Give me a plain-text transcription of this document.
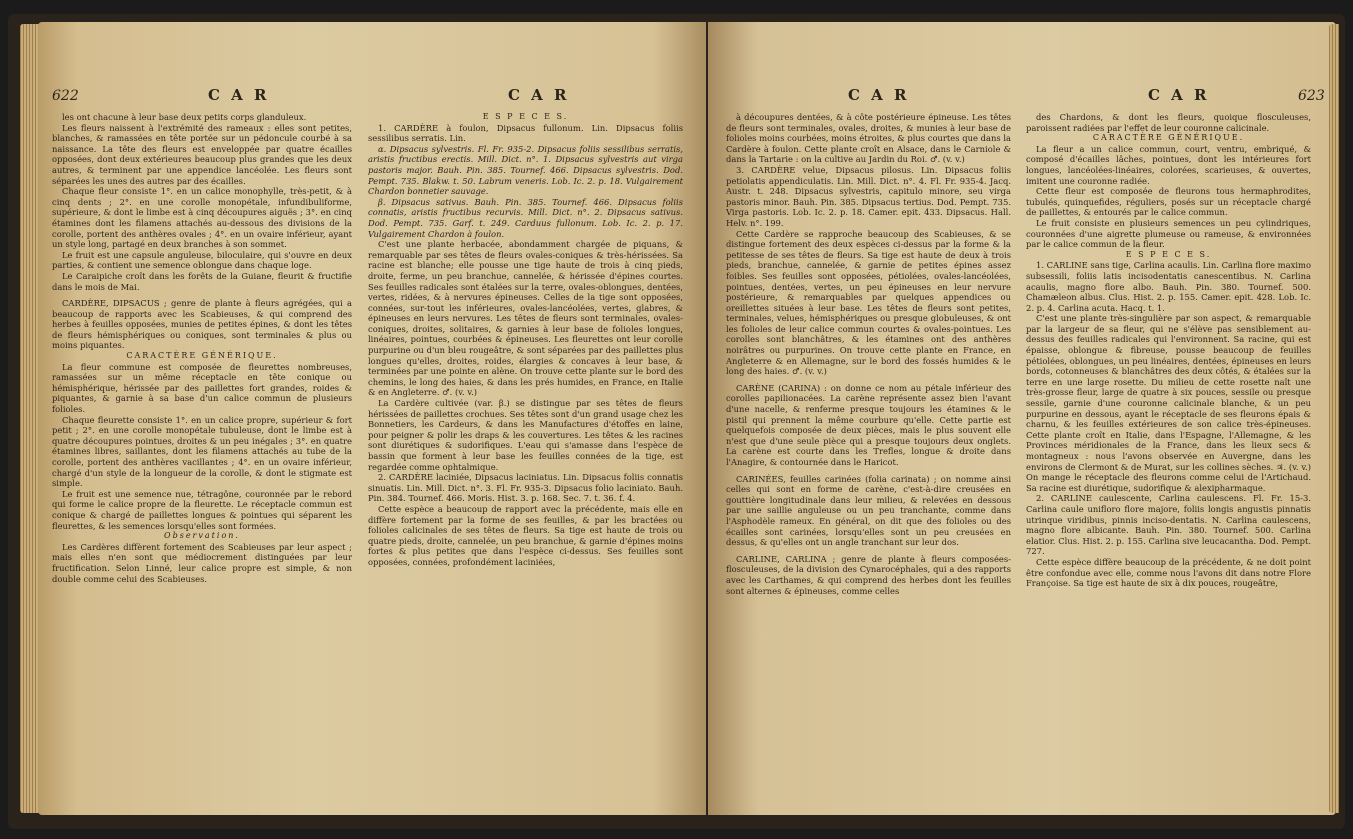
622	C A R	C A R

les ont chacune à leur base deux petits corps glanduleux.

Les fleurs naissent à l'extrémité des rameaux : elles sont petites, blanches, & ramassées en tête portée sur un pédoncule courbé à sa naissance. La tête des fleurs est enveloppée par quatre écailles opposées, dont deux extérieures beaucoup plus grandes que les deux autres, & terminent par une appendice lancéolée. Les fleurs sont séparées les unes des autres par des écailles.

Chaque fleur consiste 1°. en un calice monophylle, très-petit, & à cinq dents ; 2°. en une corolle monopétale, infundibuliforme, supérieure, & dont le limbe est à cinq découpures aiguës ; 3°. en cinq étamines dont les filamens attachés au-dessous des divisions de la corolle, portent des anthères ovales ; 4°. en un ovaire inférieur, ayant un style long, partagé en deux branches à son sommet.

Le fruit est une capsule anguleuse, biloculaire, qui s'ouvre en deux parties, & contient une semence oblongue dans chaque loge.

Le Caraipiche croît dans les forêts de la Guiane, fleurit & fructifie dans le mois de Mai.

CARDÈRE, DIPSACUS ; genre de plante à fleurs agrégées, qui a beaucoup de rapports avec les Scabieuses, & qui comprend des herbes à feuilles opposées, munies de petites épines, & dont les têtes de fleurs hémisphériques ou coniques, sont terminales & plus ou moins piquantes.

CARACTÈRE GÉNÉRIQUE.

La fleur commune est composée de fleurettes nombreuses, ramassées sur un même réceptacle en tête conique ou hémisphérique, hérissée par des paillettes fort grandes, roides & piquantes, & garnie à sa base d'un calice commun de plusieurs folioles.

Chaque fleurette consiste 1°. en un calice propre, supérieur & fort petit ; 2°. en une corolle monopétale tubuleuse, dont le limbe est à quatre découpures pointues, droites & un peu inégales ; 3°. en quatre étamines libres, saillantes, dont les filamens attachés au tube de la corolle, portent des anthères vacillantes ; 4°. en un ovaire inférieur, chargé d'un style de la longueur de la corolle, & dont le stigmate est simple.

Le fruit est une semence nue, tétragône, couronnée par le rebord qui forme le calice propre de la fleurette. Le réceptacle commun est conique & chargé de paillettes longues & pointues qui séparent les fleurettes, & les semences lorsqu'elles sont formées.

Observation.

Les Cardères diffèrent fortement des Scabieuses par leur aspect ; mais elles n'en sont que médiocrement distinguées par leur fructification. Selon Linné, leur calice propre est simple, & non double comme celui des Scabieuses.

E S P E C E S.

1. CARDÈRE à foulon, Dipsacus fullonum. Lin. Dipsacus foliis sessilibus serratis. Lin.

α. Dipsacus sylvestris. Fl. Fr. 935-2. Dipsacus foliis sessilibus serratis, aristis fructibus erectis. Mill. Dict. n°. 1. Dipsacus sylvestris aut virga pastoris major. Bauh. Pin. 385. Tournef. 466. Dipsacus sylvestris. Dod. Pempt. 735. Blakw. t. 50. Labrum veneris. Lob. Ic. 2. p. 18. Vulgairement Chardon bonnetier sauvage.

β. Dipsacus sativus. Bauh. Pin. 385. Tournef. 466. Dipsacus foliis connatis, aristis fructibus recurvis. Mill. Dict. n°. 2. Dipsacus sativus. Dod. Pempt. 735. Garf. t. 249. Carduus fullonum. Lob. Ic. 2. p. 17. Vulgairement Chardon à foulon.

C'est une plante herbacée, abondamment chargée de piquans, & remarquable par ses têtes de fleurs ovales-coniques & très-hérissées. Sa racine est blanche; elle pousse une tige haute de trois à cinq pieds, droite, ferme, un peu branchue, cannelée, & hérissée d'épines courtes. Ses feuilles radicales sont étalées sur la terre, ovales-oblongues, dentées, vertes, ridées, & à nervures épineuses. Celles de la tige sont opposées, connées, sur-tout les inférieures, ovales-lancéolées, vertes, glabres, & épineuses en leurs nervures. Les têtes de fleurs sont terminales, ovales-coniques, droites, solitaires, & garnies à leur base de folioles longues, linéaires, pointues, courbées & épineuses. Les fleurettes ont leur corolle purpurine ou d'un bleu rougeâtre, & sont séparées par des paillettes plus longues qu'elles, droites, roides, élargies & concaves à leur base, & terminées par une pointe en alène. On trouve cette plante sur le bord des chemins, le long des haies, & dans les prés humides, en France, en Italie & en Angleterre. ♂. (v. v.)

La Cardère cultivée (var. β.) se distingue par ses têtes de fleurs hérissées de paillettes crochues. Ses têtes sont d'un grand usage chez les Bonnetiers, les Cardeurs, & dans les Manufactures d'étoffes en laine, pour peigner & polir les draps & les couvertures. Les têtes & les racines sont diurétiques & sudorifiques. L'eau qui s'amasse dans l'espèce de bassin que forment à leur base les feuilles connées de la tige, est regardée comme ophtalmique.

2. CARDÈRE laciniée, Dipsacus laciniatus. Lin. Dipsacus foliis connatis sinuatis. Lin. Mill. Dict. n°. 3. Fl. Fr. 935-3. Dipsacus folio laciniato. Bauh. Pin. 384. Tournef. 466. Moris. Hist. 3. p. 168. Sec. 7. t. 36. f. 4.

Cette espèce a beaucoup de rapport avec la précédente, mais elle en diffère fortement par la forme de ses feuilles, & par les bractées ou folioles calicinales de ses têtes de fleurs. Sa tige est haute de trois ou quatre pieds, droite, cannelée, un peu branchue, & garnie d'épines moins fortes & plus petites que dans l'espèce ci-dessus. Ses feuilles sont opposées, connées, profondément laciniées,

C A R	C A R	623

à découpures dentées, & à côte postérieure épineuse. Les têtes de fleurs sont terminales, ovales, droites, & munies à leur base de folioles moins courbées, moins étroites, & plus courtes que dans la Cardère à foulon. Cette plante croît en Alsace, dans le Carniole & dans la Tartarie : on la cultive au Jardin du Roi. ♂. (v. v.)

3. CARDÈRE velue, Dipsacus pilosus. Lin. Dipsacus foliis petiolatis appendiculatis. Lin. Mill. Dict. n°. 4. Fl. Fr. 935-4. Jacq. Austr. t. 248. Dipsacus sylvestris, capitulo minore, seu virga pastoris minor. Bauh. Pin. 385. Dipsacus tertius. Dod. Pempt. 735. Virga pastoris. Lob. Ic. 2. p. 18. Camer. epit. 433. Dipsacus. Hall. Helv. n°. 199.

Cette Cardère se rapproche beaucoup des Scabieuses, & se distingue fortement des deux espèces ci-dessus par la forme & la petitesse de ses têtes de fleurs. Sa tige est haute de deux à trois pieds, branchue, cannelée, & garnie de petites épines assez foibles. Ses feuilles sont opposées, pétiolées, ovales-lancéolées, pointues, dentées, vertes, un peu épineuses en leur nervure postérieure, & remarquables par quelques appendices ou oreillettes situées à leur base. Les têtes de fleurs sont petites, terminales, velues, hémisphériques ou presque globuleuses, & ont les folioles de leur calice commun courtes & ovales-pointues. Les corolles sont blanchâtres, & les étamines ont des anthères noirâtres ou purpurines. On trouve cette plante en France, en Angleterre & en Allemagne, sur le bord des fossés humides & le long des haies. ♂. (v. v.)

CARÈNE (CARINA) : on donne ce nom au pétale inférieur des corolles papilionacées. La carène représente assez bien l'avant d'une nacelle, & renferme presque toujours les étamines & le pistil qui prennent la même courbure qu'elle. Cette partie est quelquefois composée de deux pièces, mais le plus souvent elle n'est que d'une seule pièce qui a presque toujours deux onglets. La carène est courte dans les Trefles, longue & droite dans l'Anagire, & contournée dans le Haricot.

CARINÉES, feuilles carinées (folia carinata) ; on nomme ainsi celles qui sont en forme de carène, c'est-à-dire creusées en gouttière longitudinale dans leur milieu, & relevées en dessous par une saillie anguleuse ou un peu tranchante, comme dans l'Asphodèle rameux. En général, on dit que des folioles ou des écailles sont carinées, lorsqu'elles sont un peu creusées en dessus, & qu'elles ont un angle tranchant sur leur dos.

CARLINE, CARLINA ; genre de plante à fleurs composées-flosculeuses, de la division des Cynarocéphales, qui a des rapports avec les Carthames, & qui comprend des herbes dont les feuilles sont alternes & épineuses, comme celles

des Chardons, & dont les fleurs, quoique flosculeuses, paroissent radiées par l'effet de leur couronne calicinale.

CARACTÈRE GÉNÉRIQUE.

La fleur a un calice commun, court, ventru, embriqué, & composé d'écailles lâches, pointues, dont les intérieures fort longues, lancéolées-linéaires, colorées, scarieuses, & ouvertes, imitent une couronne radiée.

Cette fleur est composée de fleurons tous hermaphrodites, tubulés, quinquefides, réguliers, posés sur un réceptacle chargé de paillettes, & entourés par le calice commun.

Le fruit consiste en plusieurs semences un peu cylindriques, couronnées d'une aigrette plumeuse ou rameuse, & environnées par le calice commun de la fleur.

E S P E C E S.

1. CARLINE sans tige, Carlina acaulis. Lin. Carlina flore maximo subsessili, foliis latis incisodentatis canescentibus. N. Carlina acaulis, magno flore albo. Bauh. Pin. 380. Tournef. 500. Chamæleon albus. Clus. Hist. 2. p. 155. Camer. epit. 428. Lob. Ic. 2. p. 4. Carlina acuta. Hacq. t. 1.

C'est une plante très-singulière par son aspect, & remarquable par la largeur de sa fleur, qui ne s'élève pas sensiblement au-dessus des feuilles radicales qui l'environnent. Sa racine, qui est épaisse, oblongue & fibreuse, pousse beaucoup de feuilles pétiolées, oblongues, un peu linéaires, dentées, épineuses en leurs bords, cotonneuses & blanchâtres des deux côtés, & étalées sur la terre en une large rosette. Du milieu de cette rosette naît une très-grosse fleur, large de quatre à six pouces, sessile ou presque sessile, garnie d'une couronne calicinale blanche, & un peu purpurine en dessous, ayant le réceptacle de ses fleurons épais & charnu, & les feuilles extérieures de son calice très-épineuses. Cette plante croît en Italie, dans l'Espagne, l'Allemagne, & les Provinces méridionales de la France, dans les lieux secs & montagneux : nous l'avons observée en Auvergne, dans les environs de Clermont & de Murat, sur les collines sèches. ♃. (v. v.) On mange le réceptacle des fleurons comme celui de l'Artichaud. Sa racine est diurétique, sudorifique & alexipharmaque.

2. CARLINE caulescente, Carlina caulescens. Fl. Fr. 15-3. Carlina caule unifloro flore majore, foliis longis angustis pinnatis utrinque viridibus, pinnis inciso-dentatis. N. Carlina caulescens, magno flore albicante. Bauh. Pin. 380. Tournef. 500. Carlina elatior. Clus. Hist. 2. p. 155. Carlina sive leucacantha. Dod. Pempt. 727.

Cette espèce diffère beaucoup de la précédente, & ne doit point être confondue avec elle, comme nous l'avons dit dans notre Flore Françoise. Sa tige est haute de six à dix pouces, rougeâtre,
